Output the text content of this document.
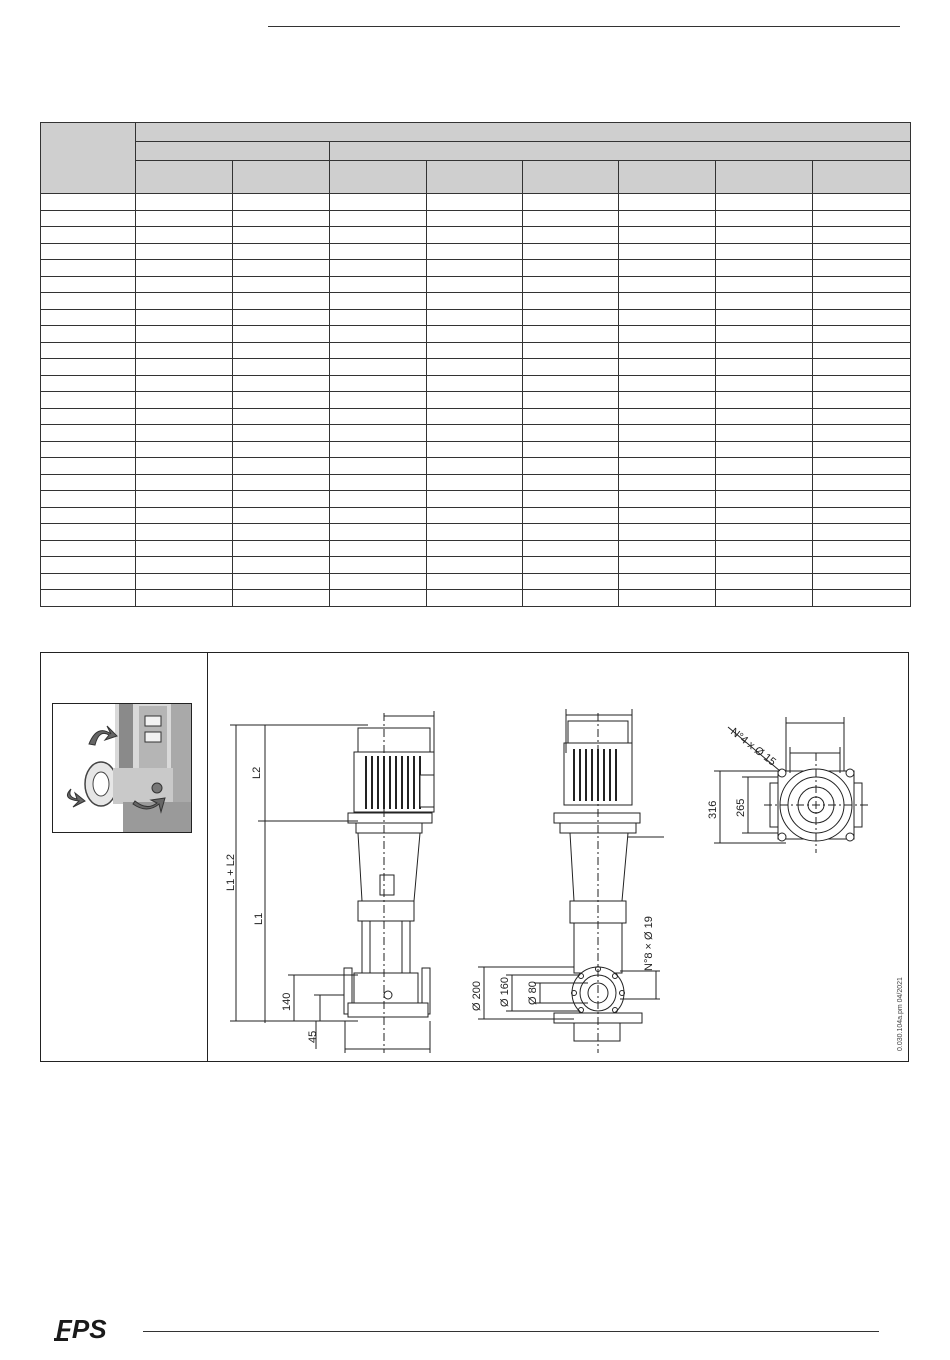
L2
L1 + L2
L1
140
45
Ø 200 Ø 160 Ø 80
N°8 × Ø 19
N°4 x Ø 15
316 265
0.030.104a.pm 04/2021
FPS
